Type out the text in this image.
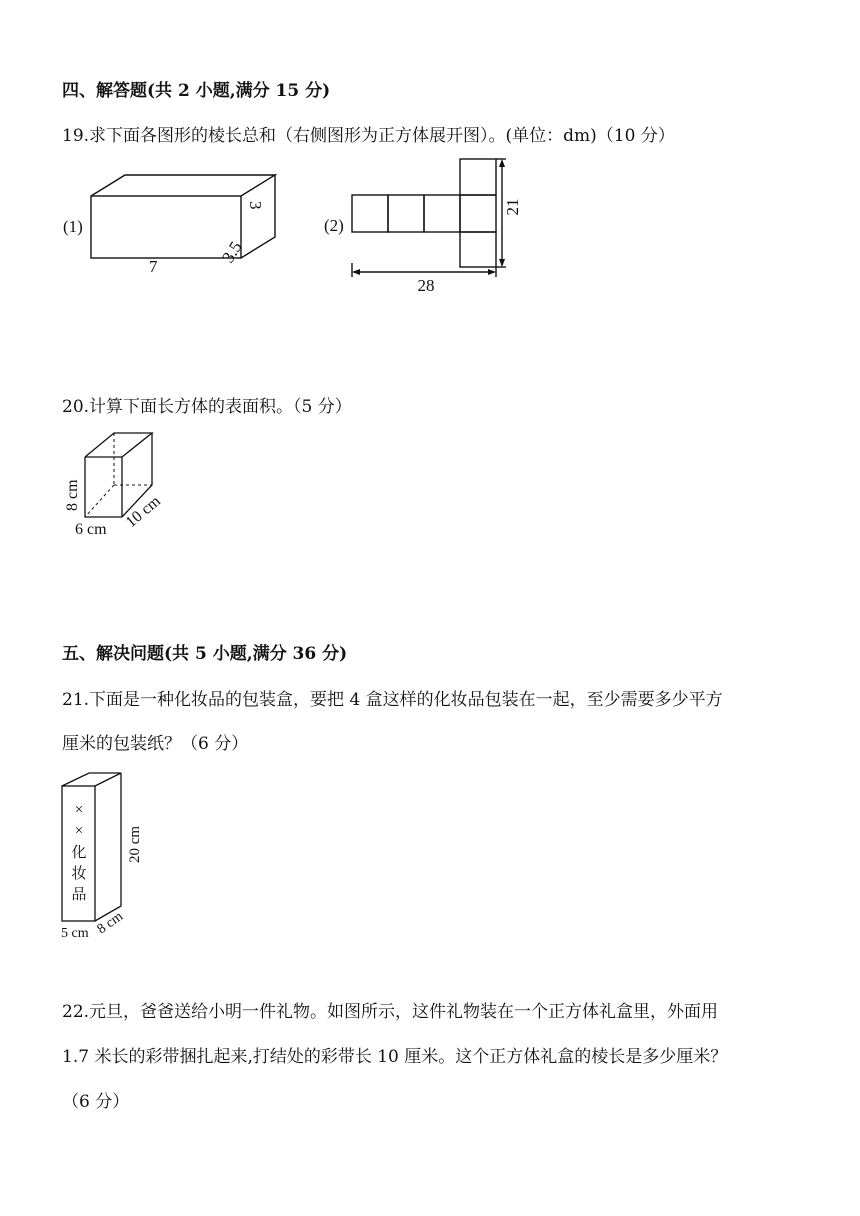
四、解答题(共 2 小题,满分 15 分)
19.求下面各图形的棱长总和（右侧图形为正方体展开图）。(单位：dm)（10 分）
(1)
7
3
3.5
(2)
21
28
20.计算下面长方体的表面积。（5 分）
8 cm
6 cm 10 cm
五、解决问题(共 5 小题,满分 36 分)
21.下面是一种化妆品的包装盒，要把 4 盒这样的化妆品包装在一起，至少需要多少平方
厘米的包装纸？（6 分）
×
×
化
妆
品
20 cm
5 cm 8 cm
22.元旦，爸爸送给小明一件礼物。如图所示，这件礼物装在一个正方体礼盒里，外面用
1.7 米长的彩带捆扎起来,打结处的彩带长 10 厘米。这个正方体礼盒的棱长是多少厘米？
（6 分）
